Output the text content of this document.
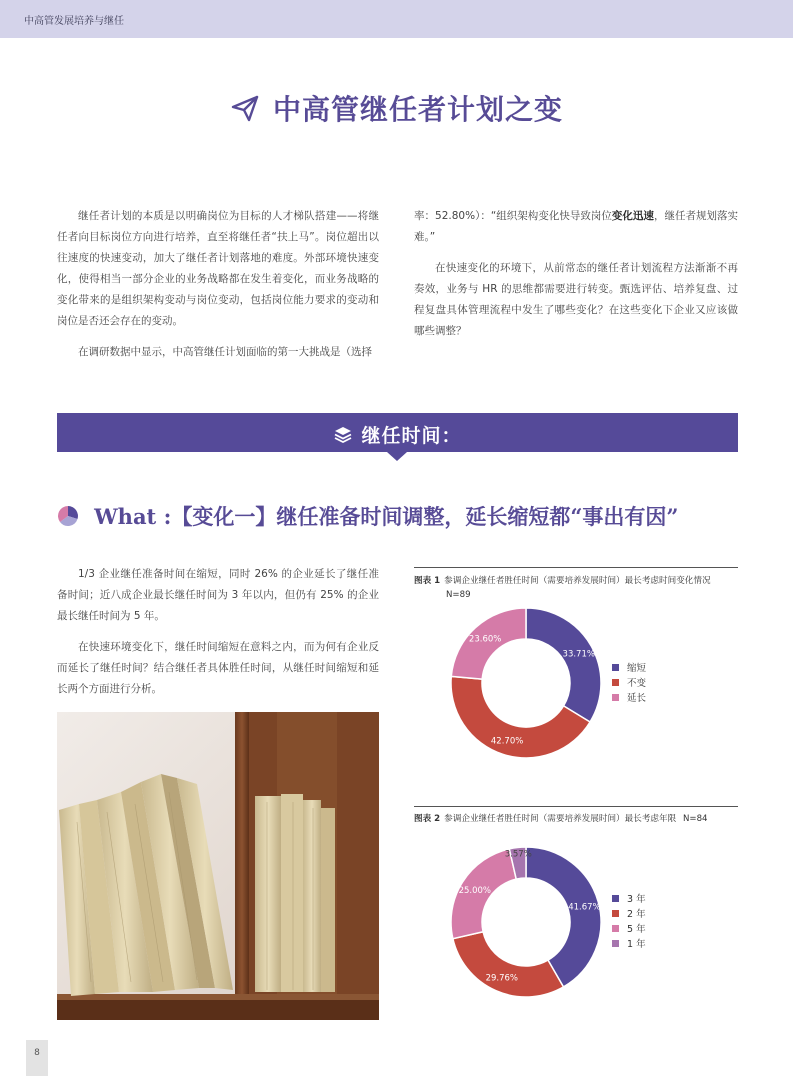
中高管发展培养与继任
中高管继任者计划之变

继任者计划的本质是以明确岗位为目标的人才梯队搭建——将继任者向目标岗位方向进行培养，直至将继任者“扶上马”。岗位超出以往速度的快速变动，加大了继任者计划落地的难度。外部环境快速变化，使得相当一部分企业的业务战略都在发生着变化，而业务战略的变化带来的是组织架构变动与岗位变动，包括岗位能力要求的变动和岗位是否还会存在的变动。

在调研数据中显示，中高管继任计划面临的第一大挑战是（选择

率：52.80%）：“组织架构变化快导致岗位变化迅速，继任者规划落实难。”

在快速变化的环境下，从前常态的继任者计划流程方法渐渐不再奏效，业务与 HR 的思维都需要进行转变。甄选评估、培养复盘、过程复盘具体管理流程中发生了哪些变化？在这些变化下企业又应该做哪些调整？

继任时间：
What :【变化一】继任准备时间调整，延长缩短都“事出有因”

1/3 企业继任准备时间在缩短，同时 26% 的企业延长了继任准备时间；近八成企业最长继任时间为 3 年以内，但仍有 25% 的企业最长继任时间为 5 年。

在快速环境变化下，继任时间缩短在意料之内，而为何有企业反而延长了继任时间？结合继任者具体胜任时间，从继任时间缩短和延长两个方面进行分析。

图表 1 参调企业继任者胜任时间（需要培养发展时间）最长考虑时间变化情况
N=89
33.71%
42.70%
23.60%
缩短
不变
延长
图表 2 参调企业继任者胜任时间（需要培养发展时间）最长考虑年限 N=84
41.67%
29.76%
25.00%
3.57%
3 年
2 年
5 年
1 年
8
